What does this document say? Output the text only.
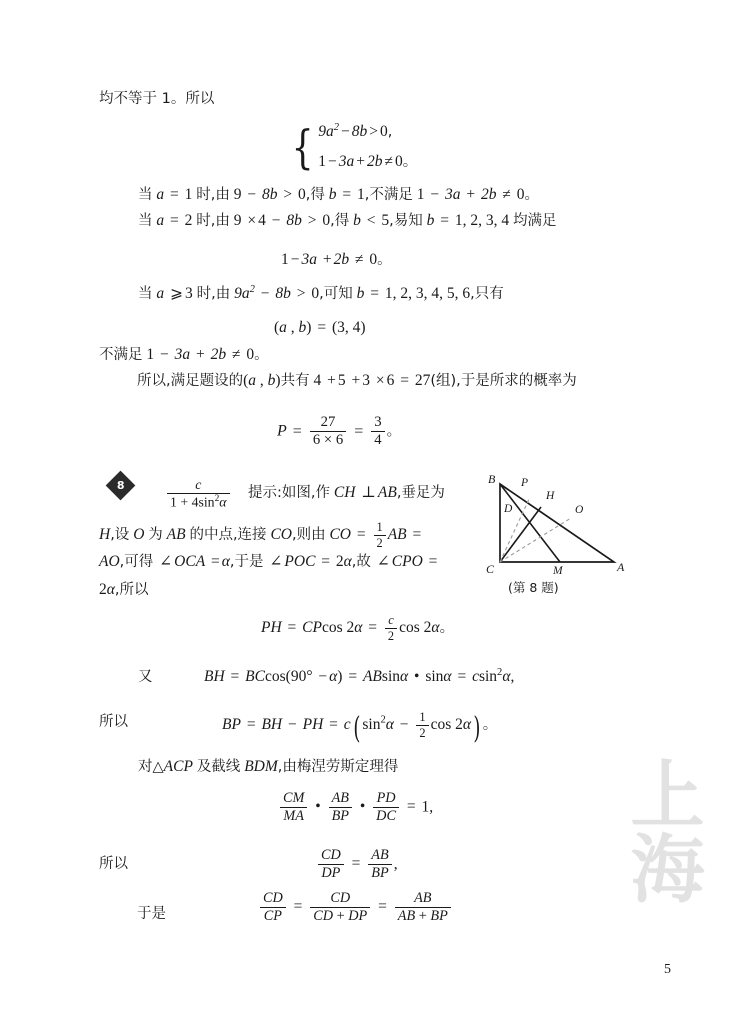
均不等于 1。所以
{ $9a^2 - 8b > 0$,
1 − 3a + 2b ≠ 0。
当 a = 1 时,由 9 − 8b > 0,得 b = 1,不满足 1 − 3a + 2b ≠ 0。
当 a = 2 时,由 9 × 4 − 8b > 0,得 b < 5,易知 b = 1, 2, 3, 4 均满足
1 − 3a + 2b ≠ 0。
当 a ⩾ 3 时,由 $9a^2 - 8b > 0$,可知 b = 1, 2, 3, 4, 5, 6,只有
(a , b) = (3, 4)
不满足 1 − 3a + 2b ≠ 0。
所以,满足题设的(a , b)共有 4 + 5 + 3 × 6 = 27(组),于是所求的概率为
$P = \frac{27}{6 \times 6} = \frac{3}{4}$ 。
8	$\frac{c}{1 + 4\sin^2\alpha}$ 提示:如图,作 CH ⊥ AB,垂足为
H,设 O 为 AB 的中点,连接 CO,则由 CO = $\frac{1}{2}$ AB =
AO,可得 ∠ OCA = α,于是 ∠ POC = 2α,故 ∠ CPO =
2α,所以
B
C	A
P
H
O
D
M
(第 8 题)
PH = CPcos $2\alpha = \frac{c}{2}$ cos 2α。
又	BH = BCcos(90° − α) = ABsinα • sinα = csin$^2$α,
所以	BP = BH − PH = c( $\sin^2\alpha - \frac{1}{2}$ cos 2α) 。
对△ACP 及截线 BDM,由梅涅劳斯定理得
$\frac{CM}{MA}$ • $\frac{AB}{BP}$ • $\frac{PD}{DC} = 1$,
所以	$\frac{CD}{DP} = \frac{AB}{BP}$ ,
于是	$\frac{CD}{CP} = \frac{CD}{CD + DP} = \frac{AB}{AB + BP}$
上海
5
